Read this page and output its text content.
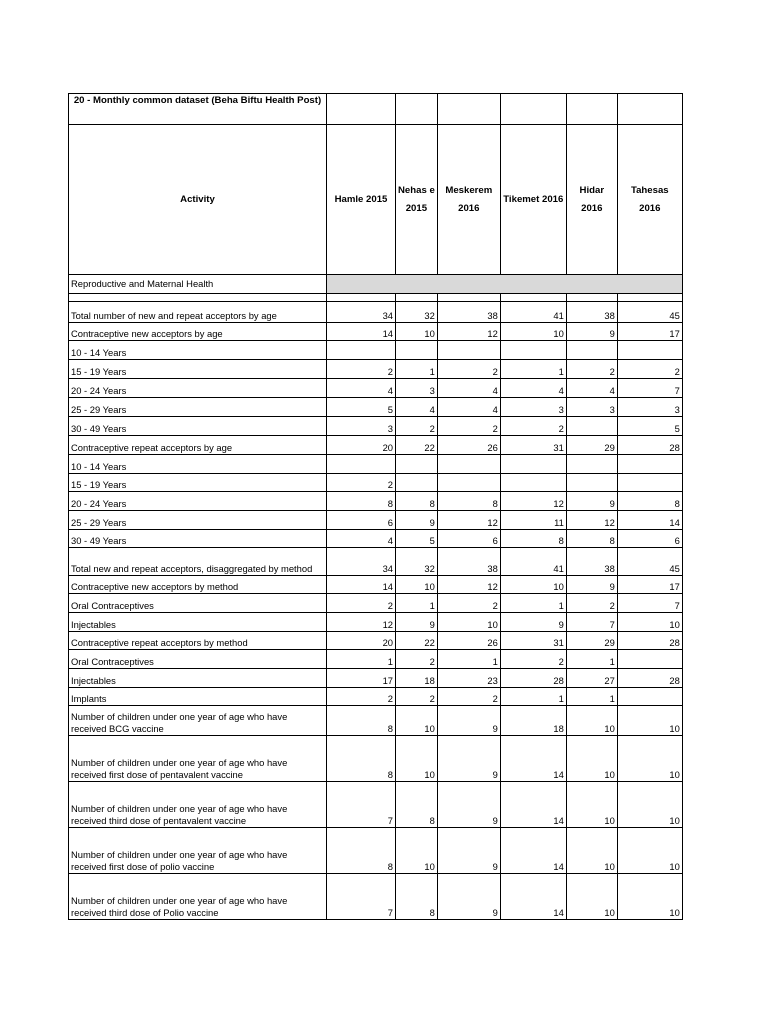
20 - Monthly common dataset (Beha Biftu Health Post)						
Activity	Hamle 2015	Nehas e 2015	Meskerem 2016	Tikemet 2016	Hidar 2016	Tahesas 2016
Reproductive and Maternal Health						

Total number of new and repeat acceptors by age	34	32	38	41	38	45
Contraceptive new acceptors by age	14	10	12	10	9	17
10 - 14 Years						
15 - 19 Years	2	1	2	1	2	2
20 - 24 Years	4	3	4	4	4	7
25 - 29 Years	5	4	4	3	3	3
30 - 49 Years	3	2	2	2		5
Contraceptive repeat acceptors by age	20	22	26	31	29	28
10 - 14 Years						
15 - 19 Years	2					
20 - 24 Years	8	8	8	12	9	8
25 - 29 Years	6	9	12	11	12	14
30 - 49 Years	4	5	6	8	8	6
Total new and repeat acceptors, disaggregated by method	34	32	38	41	38	45
Contraceptive new acceptors by method	14	10	12	10	9	17
Oral Contraceptives	2	1	2	1	2	7
Injectables	12	9	10	9	7	10
Contraceptive repeat acceptors by method	20	22	26	31	29	28
Oral Contraceptives	1	2	1	2	1	
Injectables	17	18	23	28	27	28
Implants	2	2	2	1	1	
Number of children under one year of age who have received BCG vaccine	8	10	9	18	10	10
Number of children under one year of age who have received first dose of pentavalent vaccine	8	10	9	14	10	10
Number of children under one year of age who have received third dose of pentavalent vaccine	7	8	9	14	10	10
Number of children under one year of age who have received first dose of polio vaccine	8	10	9	14	10	10
Number of children under one year of age who have received third dose of Polio vaccine	7	8	9	14	10	10
